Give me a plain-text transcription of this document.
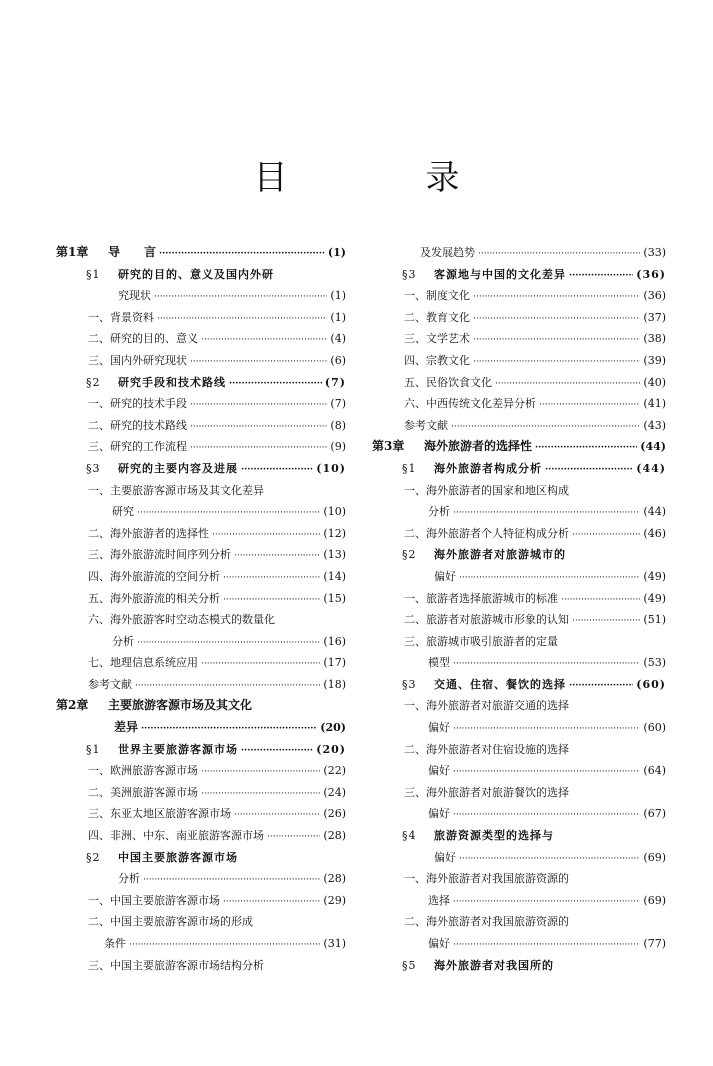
目　录
第1章 导　　言 ·····	(1)
§1 研究的目的、意义及国内外研
究现状 ·····	(1)
一、背景资料 ·····	(1)
二、研究的目的、意义 ·····	(4)
三、国内外研究现状 ·····	(6)
§2 研究手段和技术路线 ·····	(7)
一、研究的技术手段 ·····	(7)
二、研究的技术路线 ·····	(8)
三、研究的工作流程 ·····	(9)
§3 研究的主要内容及进展 ·····	(10)
一、主要旅游客源市场及其文化差异
研究 ·····	(10)
二、海外旅游者的选择性 ·····	(12)
三、海外旅游流时间序列分析 ·····	(13)
四、海外旅游流的空间分析 ·····	(14)
五、海外旅游流的相关分析 ·····	(15)
六、海外旅游客时空动态模式的数量化
分析 ·····	(16)
七、地理信息系统应用 ·····	(17)
参考文献 ·····	(18)
第2章 主要旅游客源市场及其文化
差异 ·····	(20)
§1 世界主要旅游客源市场 ·····	(20)
一、欧洲旅游客源市场 ·····	(22)
二、美洲旅游客源市场 ·····	(24)
三、东亚太地区旅游客源市场 ·····	(26)
四、非洲、中东、南亚旅游客源市场 ·····	(28)
§2 中国主要旅游客源市场
分析 ·····	(28)
一、中国主要旅游客源市场 ·····	(29)
二、中国主要旅游客源市场的形成
条件 ·····	(31)
三、中国主要旅游客源市场结构分析
及发展趋势 ·····	(33)
§3 客源地与中国的文化差异 ·····	(36)
一、制度文化 ·····	(36)
二、教育文化 ·····	(37)
三、文学艺术 ·····	(38)
四、宗教文化 ·····	(39)
五、民俗饮食文化 ·····	(40)
六、中西传统文化差异分析 ·····	(41)
参考文献 ·····	(43)
第3章 海外旅游者的选择性 ·····	(44)
§1 海外旅游者构成分析 ·····	(44)
一、海外旅游者的国家和地区构成
分析 ·····	(44)
二、海外旅游者个人特征构成分析 ·····	(46)
§2 海外旅游者对旅游城市的
偏好 ·····	(49)
一、旅游者选择旅游城市的标准 ·····	(49)
二、旅游者对旅游城市形象的认知 ·····	(51)
三、旅游城市吸引旅游者的定量
模型 ·····	(53)
§3 交通、住宿、餐饮的选择 ·····	(60)
一、海外旅游者对旅游交通的选择
偏好 ·····	(60)
二、海外旅游者对住宿设施的选择
偏好 ·····	(64)
三、海外旅游者对旅游餐饮的选择
偏好 ·····	(67)
§4 旅游资源类型的选择与
偏好 ·····	(69)
一、海外旅游者对我国旅游资源的
选择 ·····	(69)
二、海外旅游者对我国旅游资源的
偏好 ·····	(77)
§5 海外旅游者对我国所的
